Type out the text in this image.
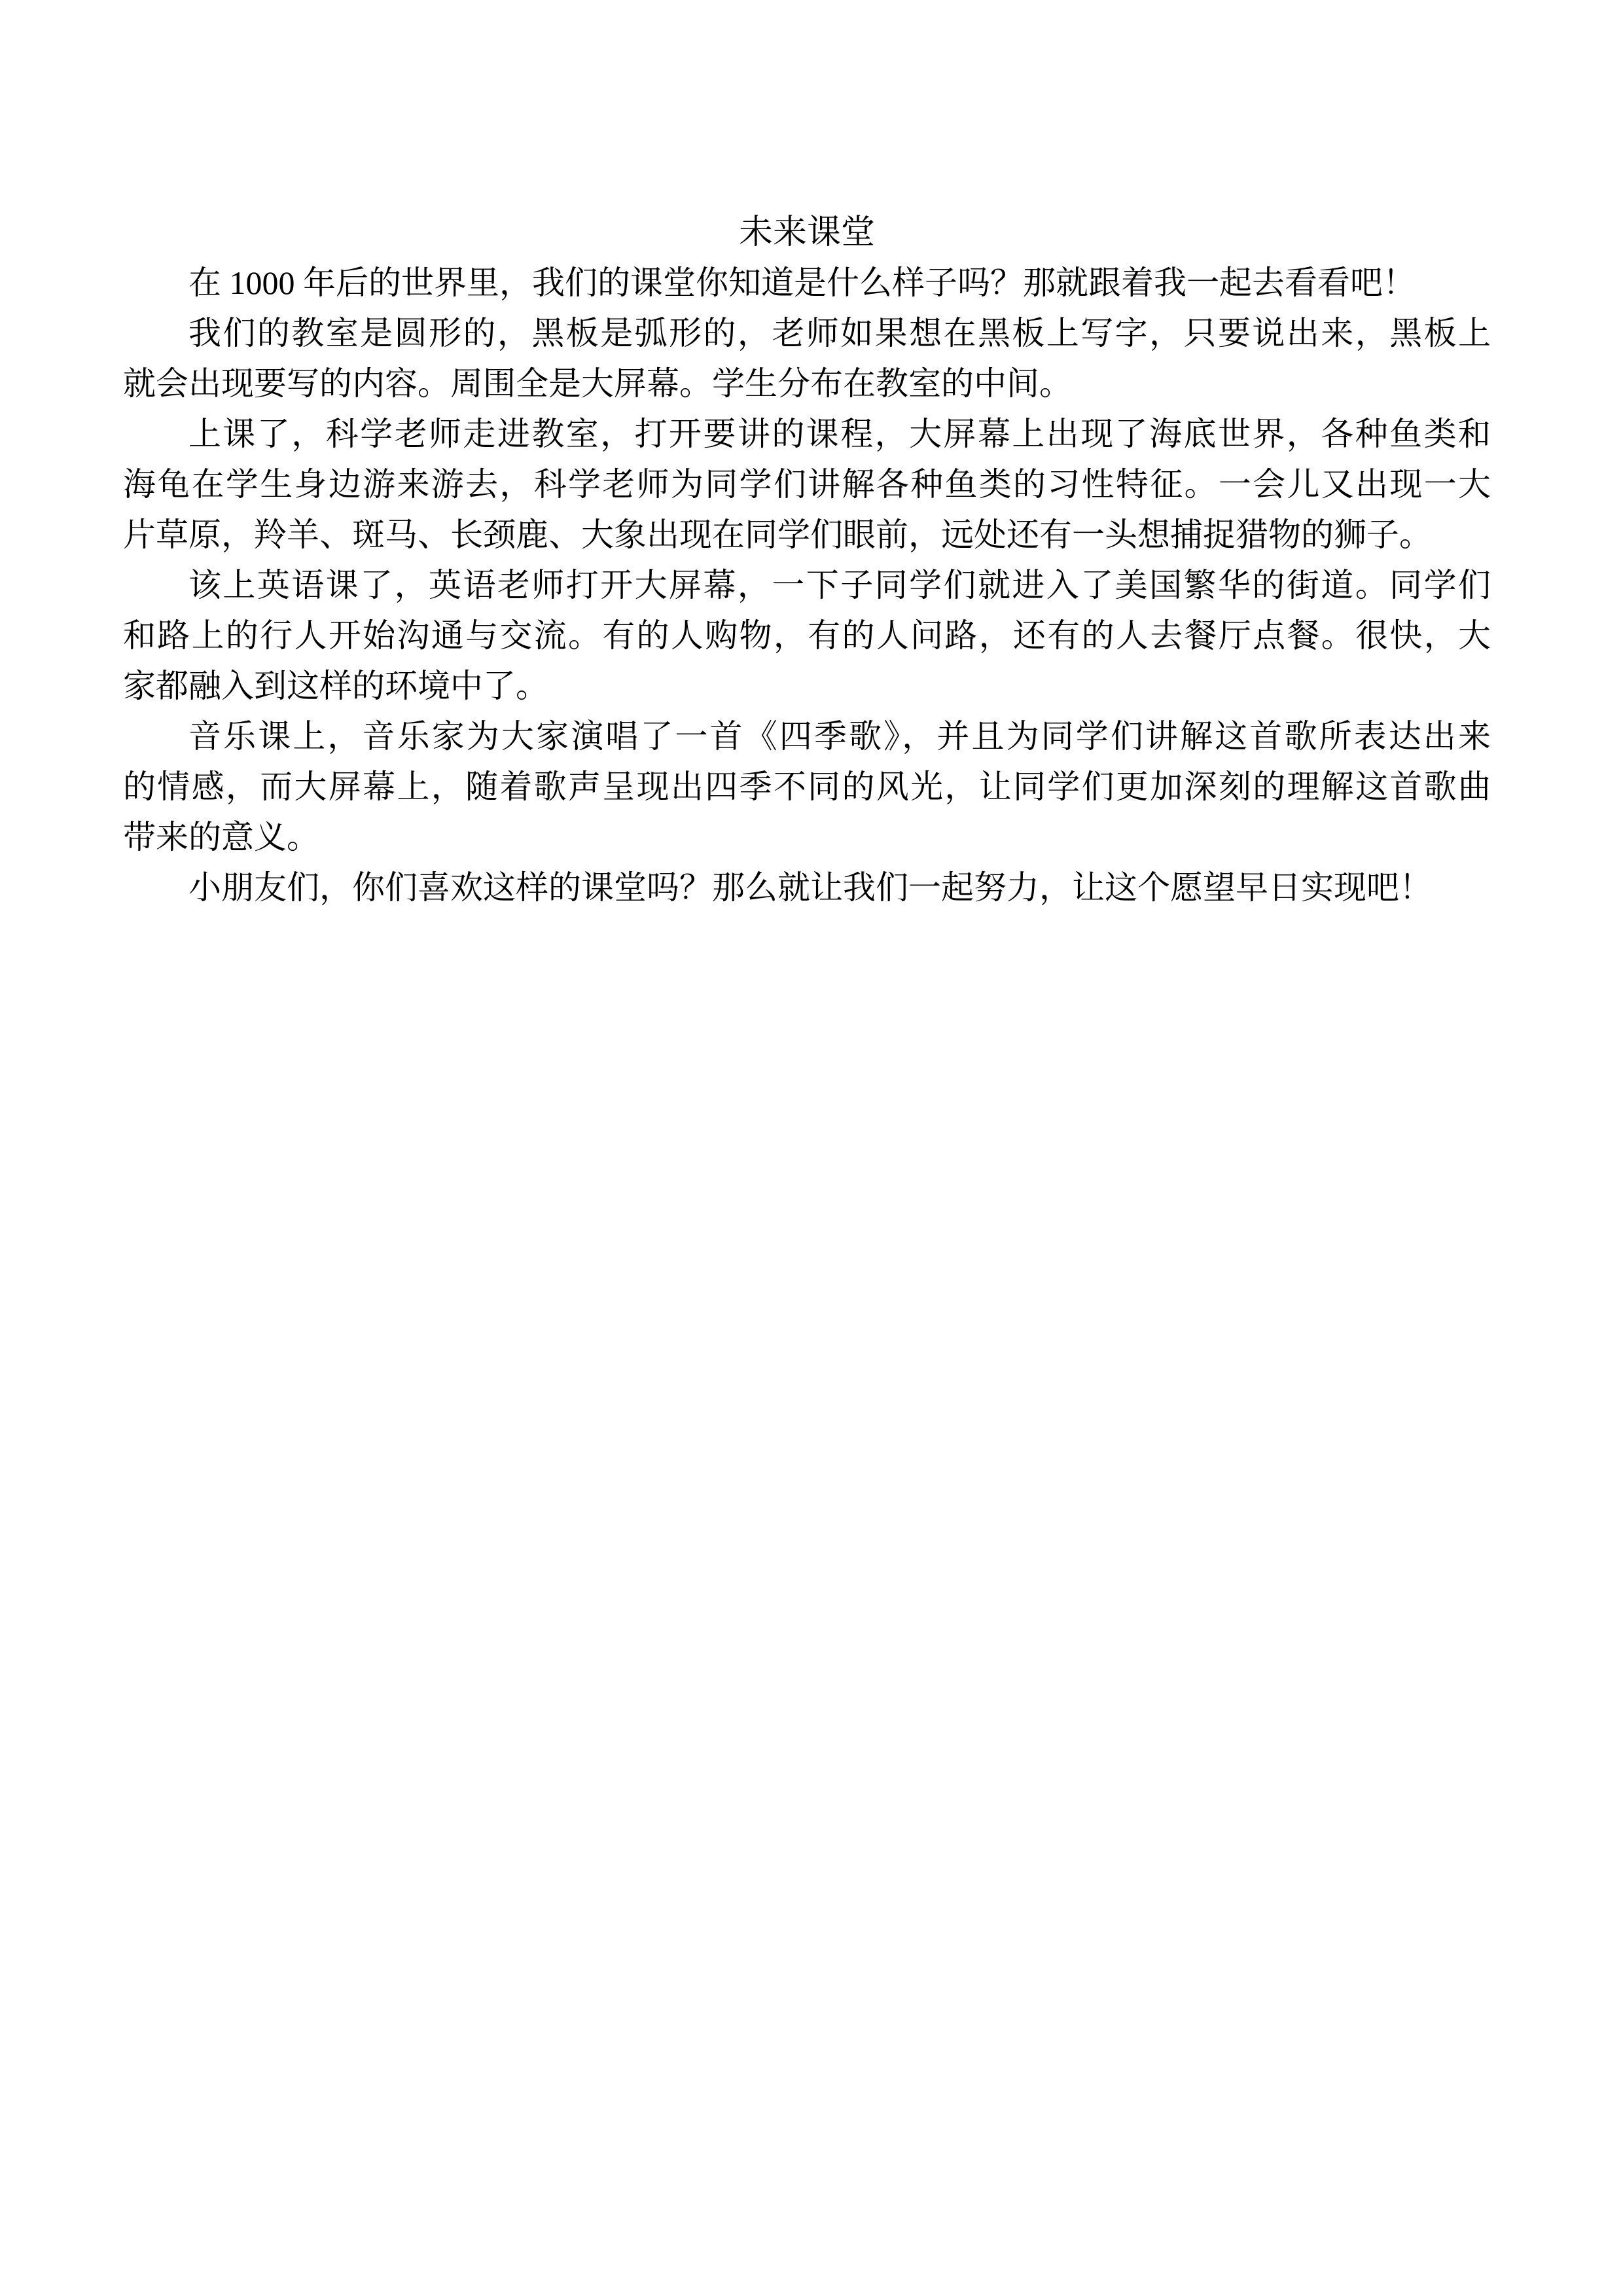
未来课堂
在 1000 年后的世界里，我们的课堂你知道是什么样子吗？那就跟着我一起去看看吧！
我们的教室是圆形的，黑板是弧形的，老师如果想在黑板上写字，只要说出来，黑板上
就会出现要写的内容。周围全是大屏幕。学生分布在教室的中间。
上课了，科学老师走进教室，打开要讲的课程，大屏幕上出现了海底世界，各种鱼类和
海龟在学生身边游来游去，科学老师为同学们讲解各种鱼类的习性特征。一会儿又出现一大
片草原，羚羊、斑马、长颈鹿、大象出现在同学们眼前，远处还有一头想捕捉猎物的狮子。
该上英语课了，英语老师打开大屏幕，一下子同学们就进入了美国繁华的街道。同学们
和路上的行人开始沟通与交流。有的人购物，有的人问路，还有的人去餐厅点餐。很快，大
家都融入到这样的环境中了。
音乐课上，音乐家为大家演唱了一首《四季歌》，并且为同学们讲解这首歌所表达出来
的情感，而大屏幕上，随着歌声呈现出四季不同的风光，让同学们更加深刻的理解这首歌曲
带来的意义。
小朋友们，你们喜欢这样的课堂吗？那么就让我们一起努力，让这个愿望早日实现吧！
